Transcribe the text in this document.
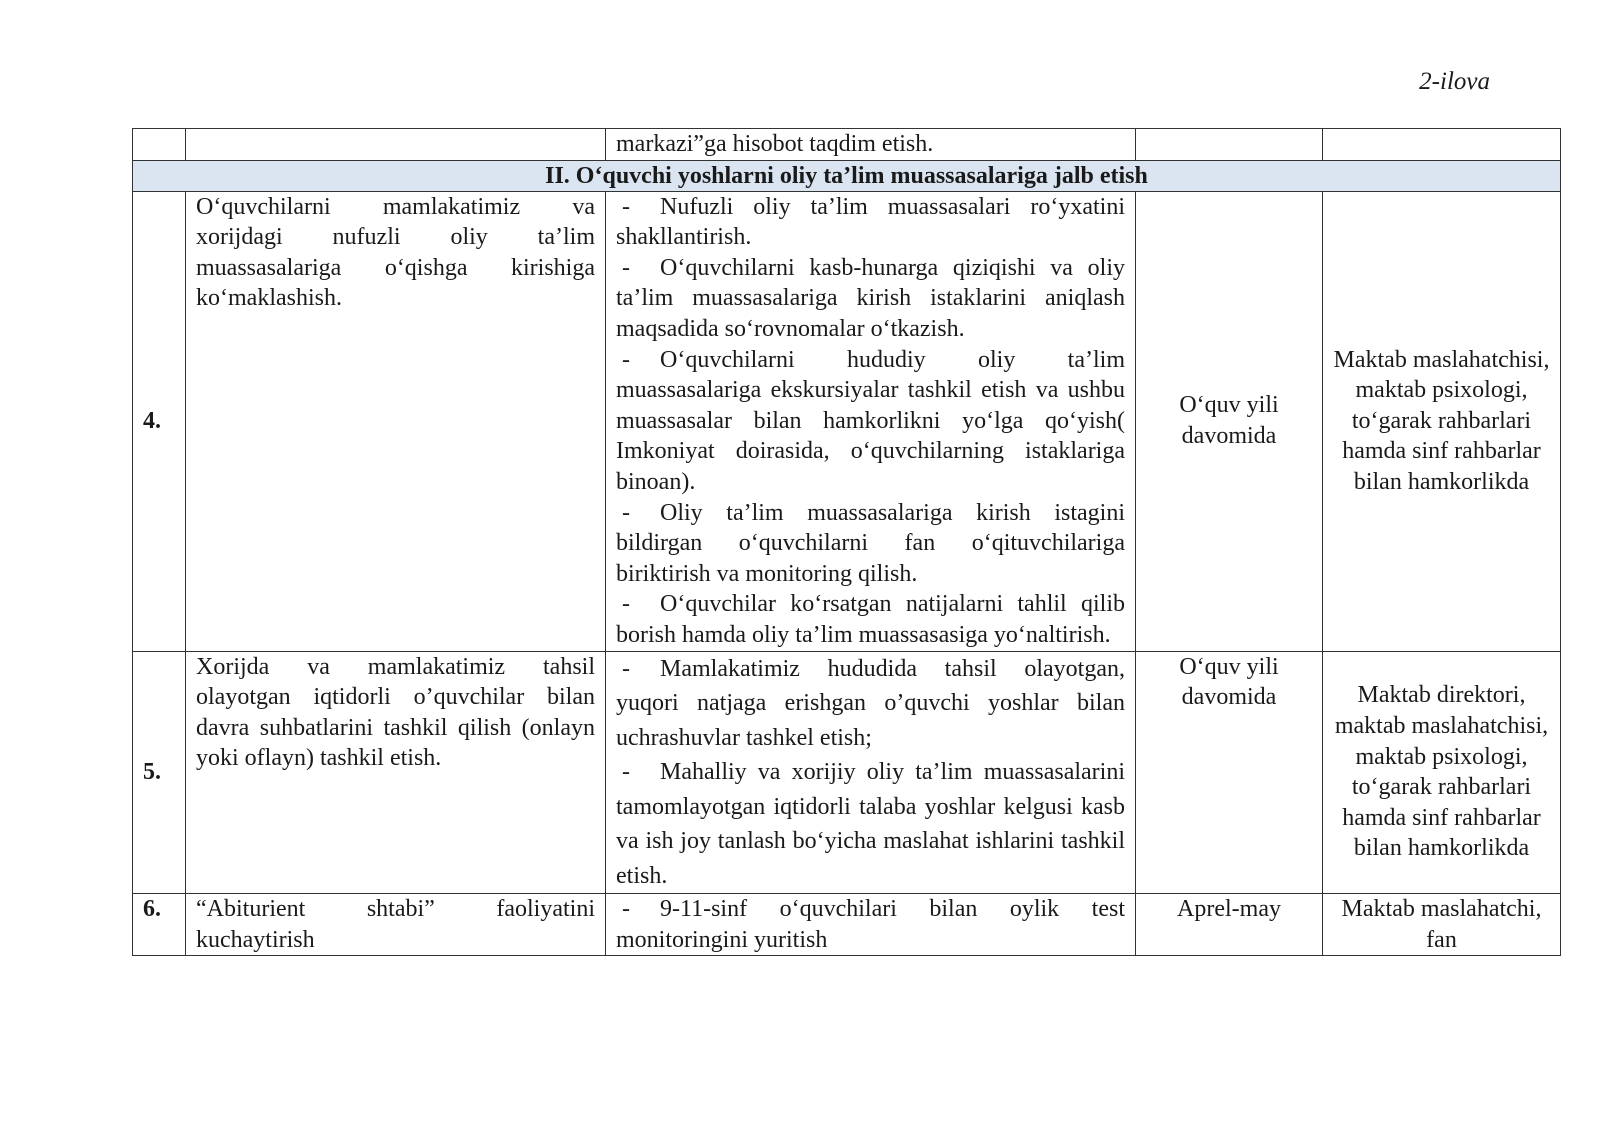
2-ilova
		markazi”ga hisobot taqdim etish.		
II. O‘quvchi yoshlarni oliy ta’lim muassasalariga jalb etish				
4.	O‘quvchilarni mamlakatimiz va xorijdagi nufuzli oliy ta’lim muassasalariga o‘qishga kirishiga ko‘maklashish.	- Nufuzli oliy ta’lim muassasalari ro‘yxatini shakllantirish.
- O‘quvchilarni kasb-hunarga qiziqishi va oliy ta’lim muassasalariga kirish istaklarini aniqlash maqsadida so‘rovnomalar o‘tkazish.
- O‘quvchilarni hududiy oliy ta’lim muassasalariga ekskursiyalar tashkil etish va ushbu muassasalar bilan hamkorlikni yo‘lga qo‘yish( Imkoniyat doirasida, o‘quvchilarning istaklariga binoan).
- Oliy ta’lim muassasalariga kirish istagini bildirgan o‘quvchilarni fan o‘qituvchilariga biriktirish va monitoring qilish.
- O‘quvchilar ko‘rsatgan natijalarni tahlil qilib borish hamda oliy ta’lim muassasasiga yo‘naltirish.	O‘quv yili davomida	Maktab maslahatchisi, maktab psixologi, to‘garak rahbarlari hamda sinf rahbarlar bilan hamkorlikda
5.	Xorijda va mamlakatimiz tahsil olayotgan iqtidorli o’quvchilar bilan davra suhbatlarini tashkil qilish (onlayn yoki oflayn) tashkil etish.	- Mamlakatimiz hududida tahsil olayotgan, yuqori natjaga erishgan o’quvchi yoshlar bilan uchrashuvlar tashkel etish;
- Mahalliy va xorijiy oliy ta’lim muassasalarini tamomlayotgan iqtidorli talaba yoshlar kelgusi kasb va ish joy tanlash bo‘yicha maslahat ishlarini tashkil etish.	O‘quv yili davomida	Maktab direktori, maktab maslahatchisi, maktab psixologi, to‘garak rahbarlari hamda sinf rahbarlar bilan hamkorlikda
6.	“Abiturient shtabi” faoliyatini kuchaytirish	- 9-11-sinf o‘quvchilari bilan oylik test monitoringini yuritish	Aprel-may	Maktab maslahatchi, fan
